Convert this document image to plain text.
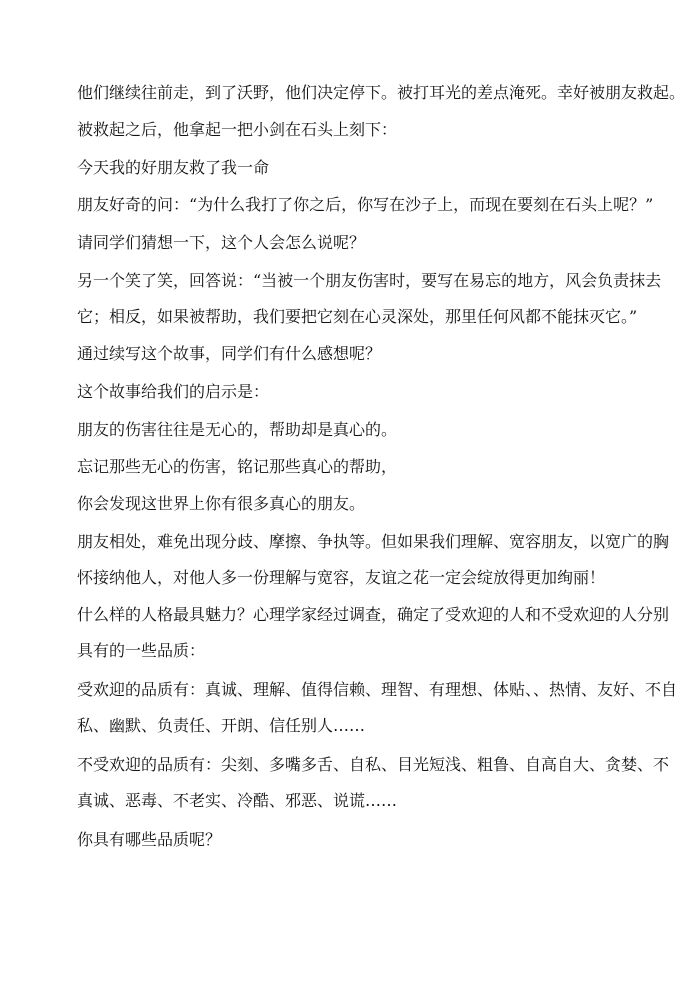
他们继续往前走，到了沃野，他们决定停下。被打耳光的差点淹死。幸好被朋友救起。
被救起之后，他拿起一把小剑在石头上刻下：
今天我的好朋友救了我一命
朋友好奇的问：“为什么我打了你之后，你写在沙子上，而现在要刻在石头上呢？”
请同学们猜想一下，这个人会怎么说呢？
另一个笑了笑，回答说：“当被一个朋友伤害时，要写在易忘的地方，风会负责抹去
它；相反，如果被帮助，我们要把它刻在心灵深处，那里任何风都不能抹灭它。”
通过续写这个故事，同学们有什么感想呢？
这个故事给我们的启示是：
朋友的伤害往往是无心的，帮助却是真心的。
忘记那些无心的伤害，铭记那些真心的帮助，
你会发现这世界上你有很多真心的朋友。
朋友相处，难免出现分歧、摩擦、争执等。但如果我们理解、宽容朋友，以宽广的胸
怀接纳他人，对他人多一份理解与宽容，友谊之花一定会绽放得更加绚丽！
什么样的人格最具魅力？心理学家经过调查，确定了受欢迎的人和不受欢迎的人分别
具有的一些品质：
受欢迎的品质有：真诚、理解、值得信赖、理智、有理想、体贴、、热情、友好、不自
私、幽默、负责任、开朗、信任别人……
不受欢迎的品质有：尖刻、多嘴多舌、自私、目光短浅、粗鲁、自高自大、贪婪、不
真诚、恶毒、不老实、冷酷、邪恶、说谎……
你具有哪些品质呢？
